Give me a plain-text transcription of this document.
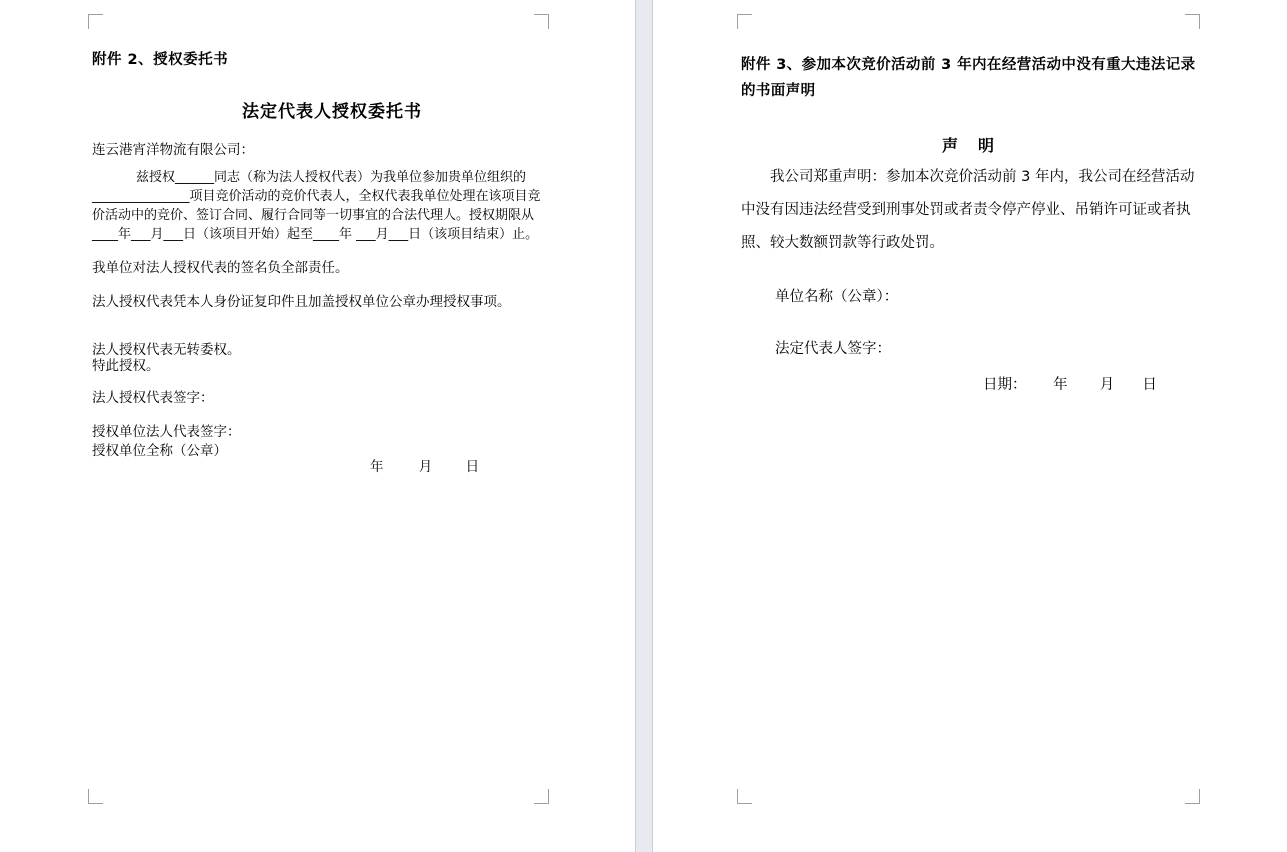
附件 2、授权委托书
法定代表人授权委托书
连云港宵洋物流有限公司：
兹授权______同志（称为法人授权代表）为我单位参加贵单位组织的_______________项目竞价活动的竞价代表人，全权代表我单位处理在该项目竞价活动中的竞价、签订合同、履行合同等一切事宜的合法代理人。授权期限从____年___月___日（该项目开始）起至____年 ___月___日（该项目结束）止。
我单位对法人授权代表的签名负全部责任。
法人授权代表凭本人身份证复印件且加盖授权单位公章办理授权事项。
法人授权代表无转委权。
特此授权。
法人授权代表签字：
授权单位法人代表签字：
授权单位全称（公章）
年	月 日
附件 3、参加本次竞价活动前 3 年内在经营活动中没有重大违法记录的书面声明
声　明
我公司郑重声明：参加本次竞价活动前 3 年内，我公司在经营活动中没有因违法经营受到刑事处罚或者责令停产停业、吊销许可证或者执照、较大数额罚款等行政处罚。
单位名称（公章）：
法定代表人签字：
日期： 年 月 日
